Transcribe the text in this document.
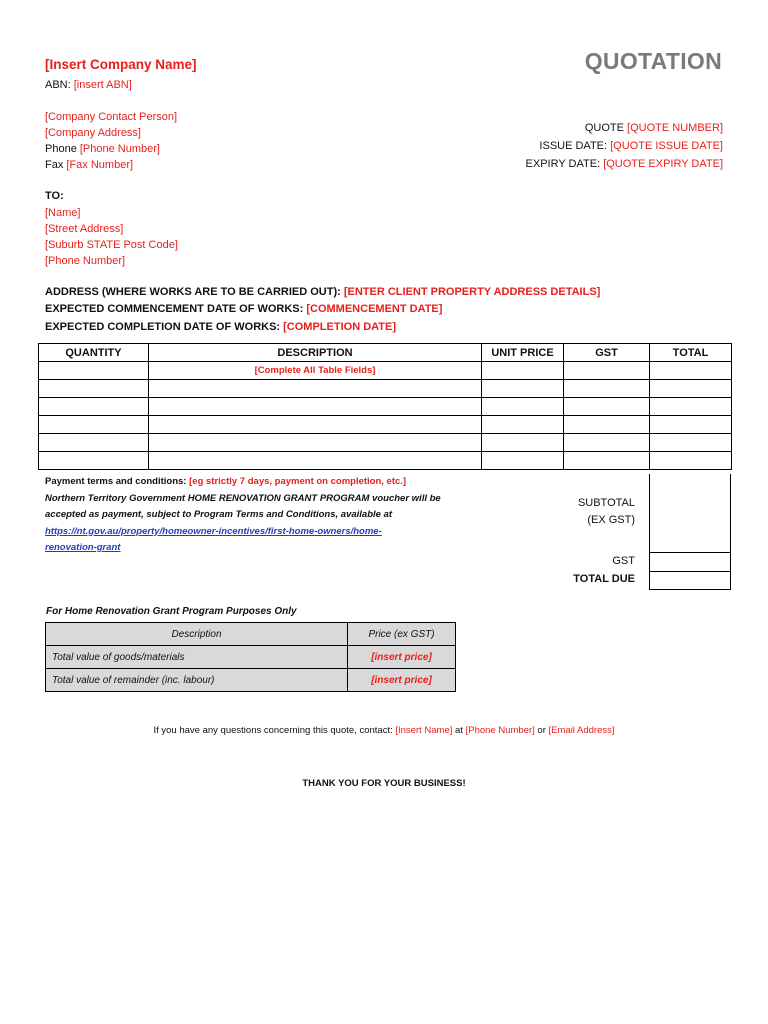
[Insert Company Name]	QUOTATION
ABN: [insert ABN]
[Company Contact Person]
[Company Address]
Phone [Phone Number]
Fax [Fax Number]
QUOTE [QUOTE NUMBER]
ISSUE DATE: [QUOTE ISSUE DATE]
EXPIRY DATE: [QUOTE EXPIRY DATE]
TO:
[Name]
[Street Address]
[Suburb STATE Post Code]
[Phone Number]
ADDRESS (WHERE WORKS ARE TO BE CARRIED OUT): [ENTER CLIENT PROPERTY ADDRESS DETAILS]
EXPECTED COMMENCEMENT DATE OF WORKS: [COMMENCEMENT DATE]
EXPECTED COMPLETION DATE OF WORKS: [COMPLETION DATE]
QUANTITY	DESCRIPTION	UNIT PRICE	GST	TOTAL
	[Complete All Table Fields]			

Payment terms and conditions: [eg strictly 7 days, payment on completion, etc.]
Northern Territory Government HOME RENOVATION GRANT PROGRAM voucher will be
accepted as payment, subject to Program Terms and Conditions, available at
https://nt.gov.au/property/homeowner-incentives/first-home-owners/home-
renovation-grant
SUBTOTAL
(EX GST)
GST
TOTAL DUE
For Home Renovation Grant Program Purposes Only
Description	Price (ex GST)
Total value of goods/materials	[insert price]
Total value of remainder (inc. labour)	[insert price]
If you have any questions concerning this quote, contact: [Insert Name] at [Phone Number] or [Email Address]
THANK YOU FOR YOUR BUSINESS!
